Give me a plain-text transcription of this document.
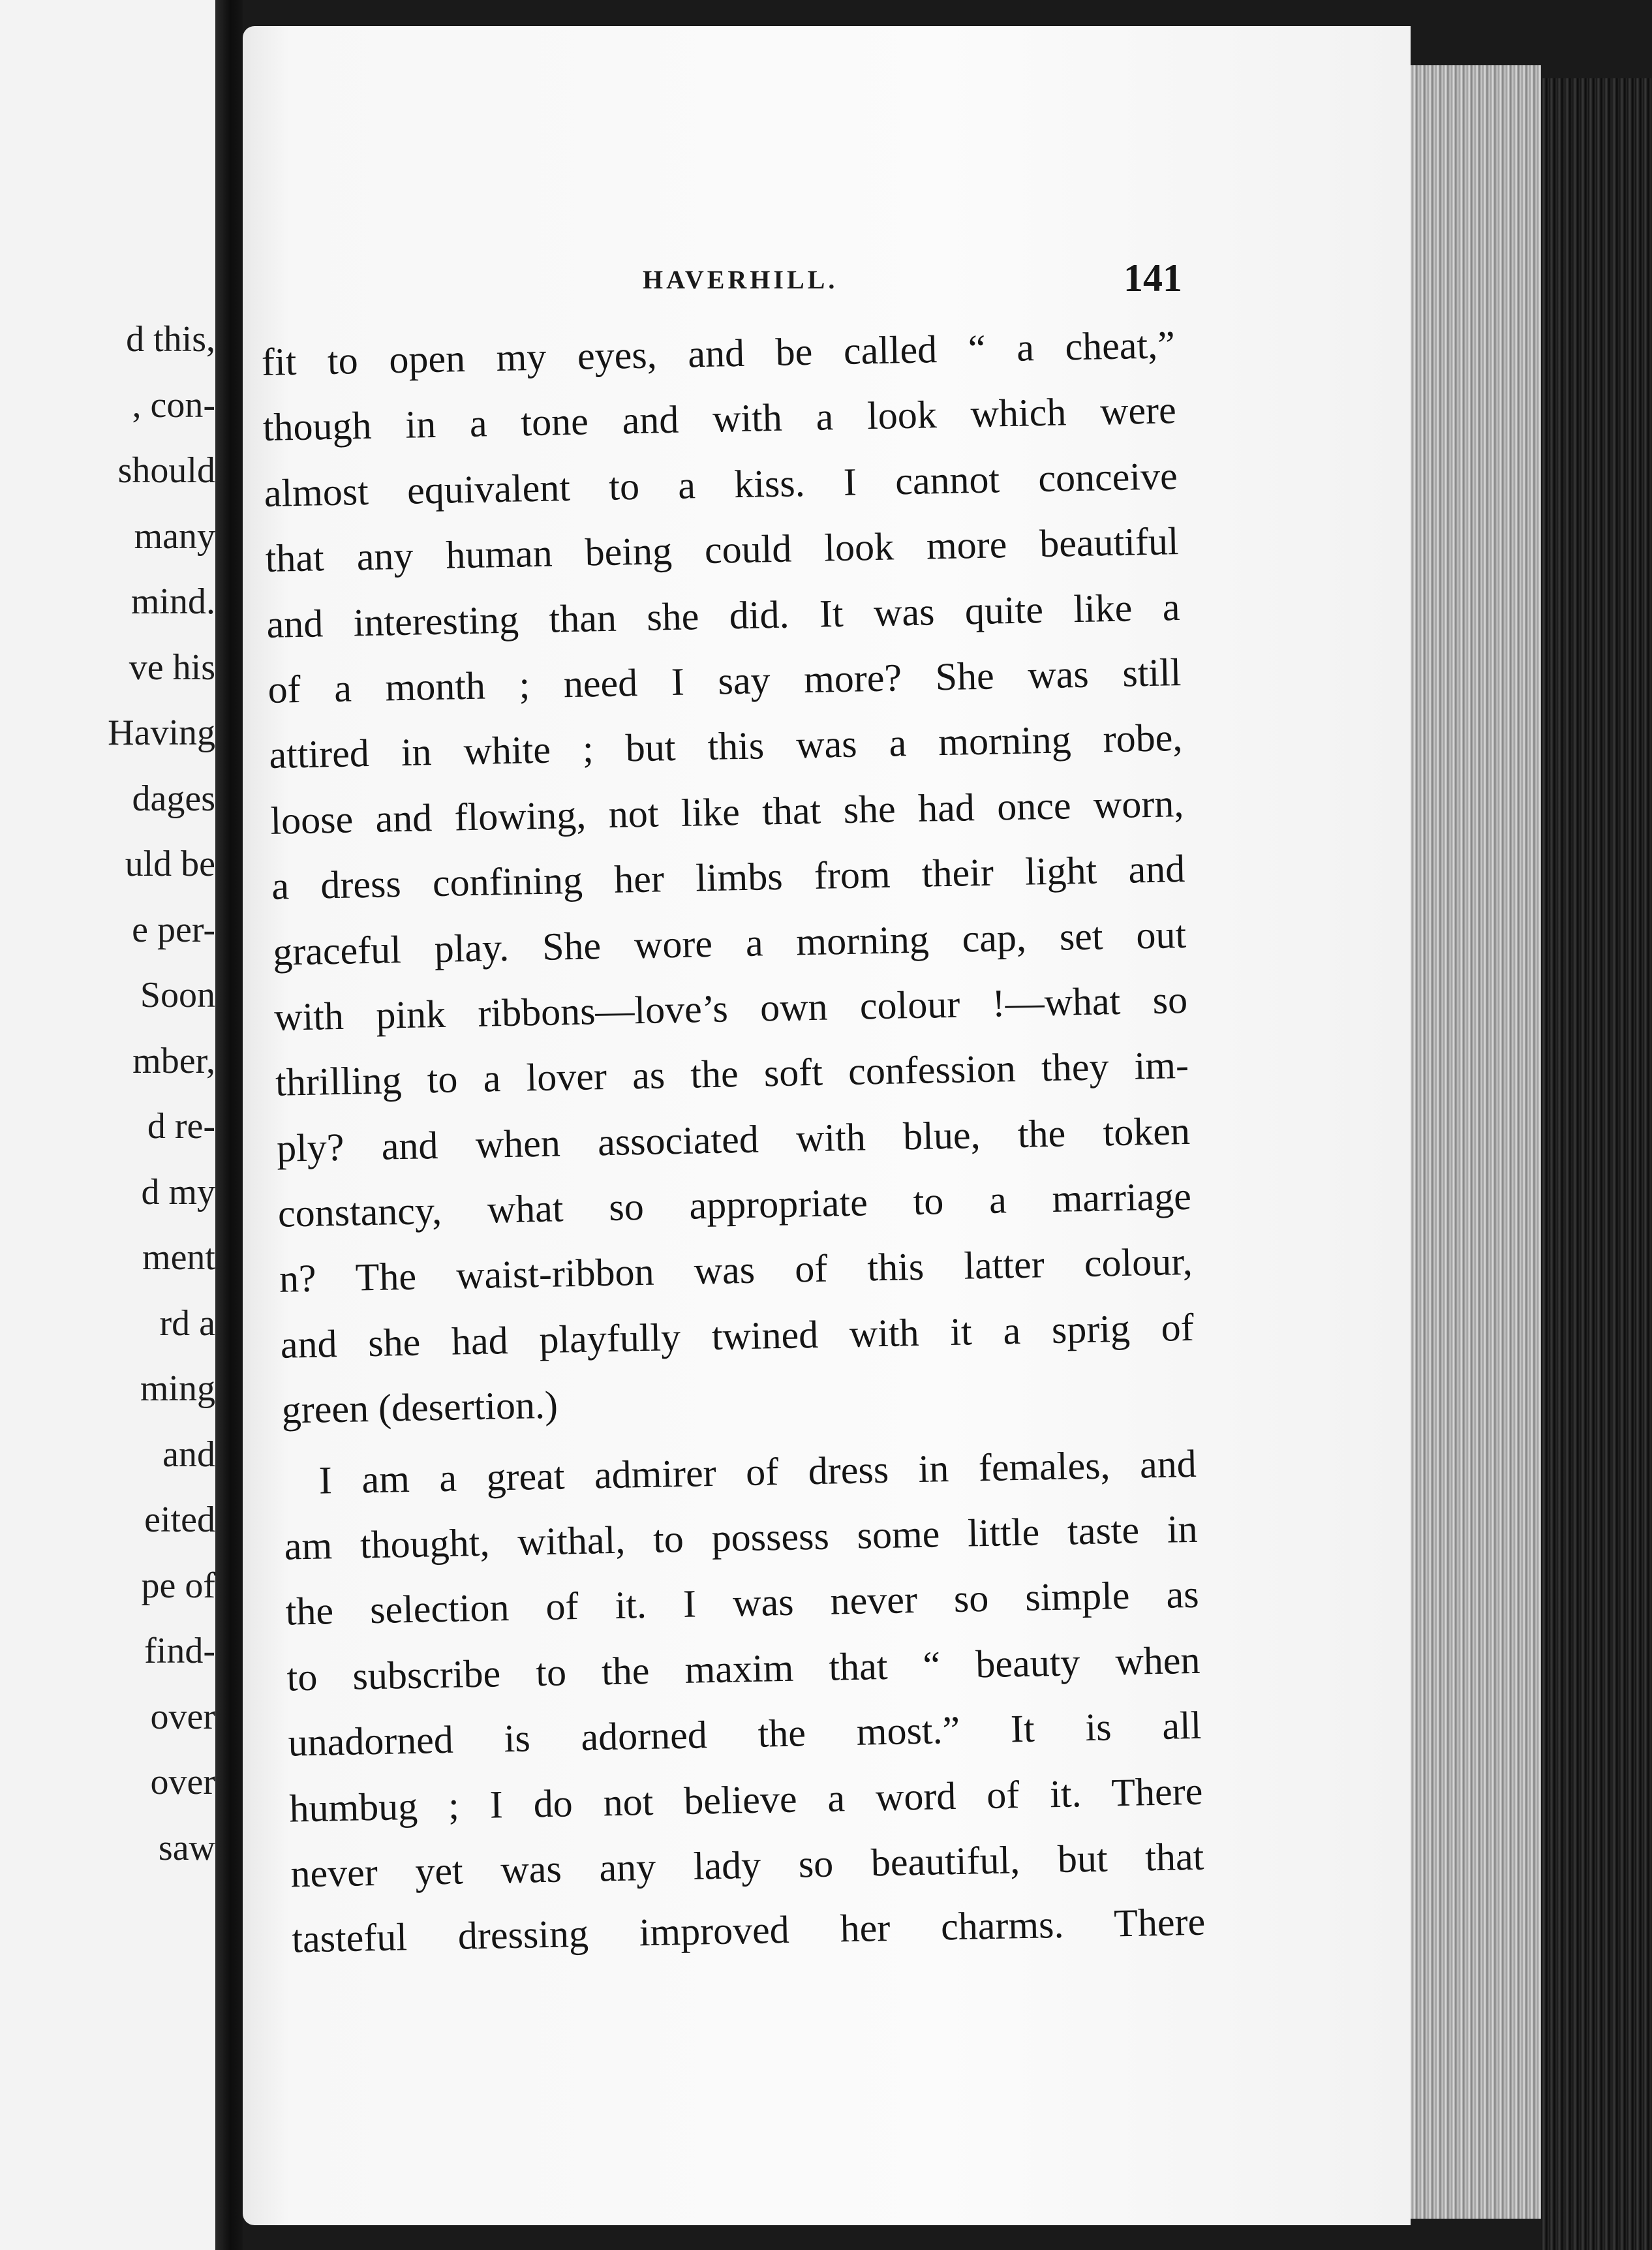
d this,
, con-
should
many
mind.
ve his
Having
dages
uld be
e per-
Soon
mber,
d re-
d my
ment
rd a
ming
and
eited
pe of
find-
over
over
saw
HAVERHILL.	141
fit to open my eyes, and be called “ a cheat,”
though in a tone and with a look which were
almost equivalent to a kiss. I cannot conceive
that any human being could look more beautiful
and interesting than she did. It was quite like a
of a month ; need I say more? She was still
attired in white ; but this was a morning robe,
loose and flowing, not like that she had once worn,
a dress confining her limbs from their light and
graceful play. She wore a morning cap, set out
with pink ribbons—love’s own colour !—what so
thrilling to a lover as the soft confession they im-
ply? and when associated with blue, the token
constancy, what so appropriate to a marriage
n? The waist-ribbon was of this latter colour,
and she had playfully twined with it a sprig of
green (desertion.)
I am a great admirer of dress in females, and
am thought, withal, to possess some little taste in
the selection of it. I was never so simple as
to subscribe to the maxim that “ beauty when
unadorned is adorned the most.” It is all
humbug ; I do not believe a word of it. There
never yet was any lady so beautiful, but that
tasteful dressing improved her charms. There
